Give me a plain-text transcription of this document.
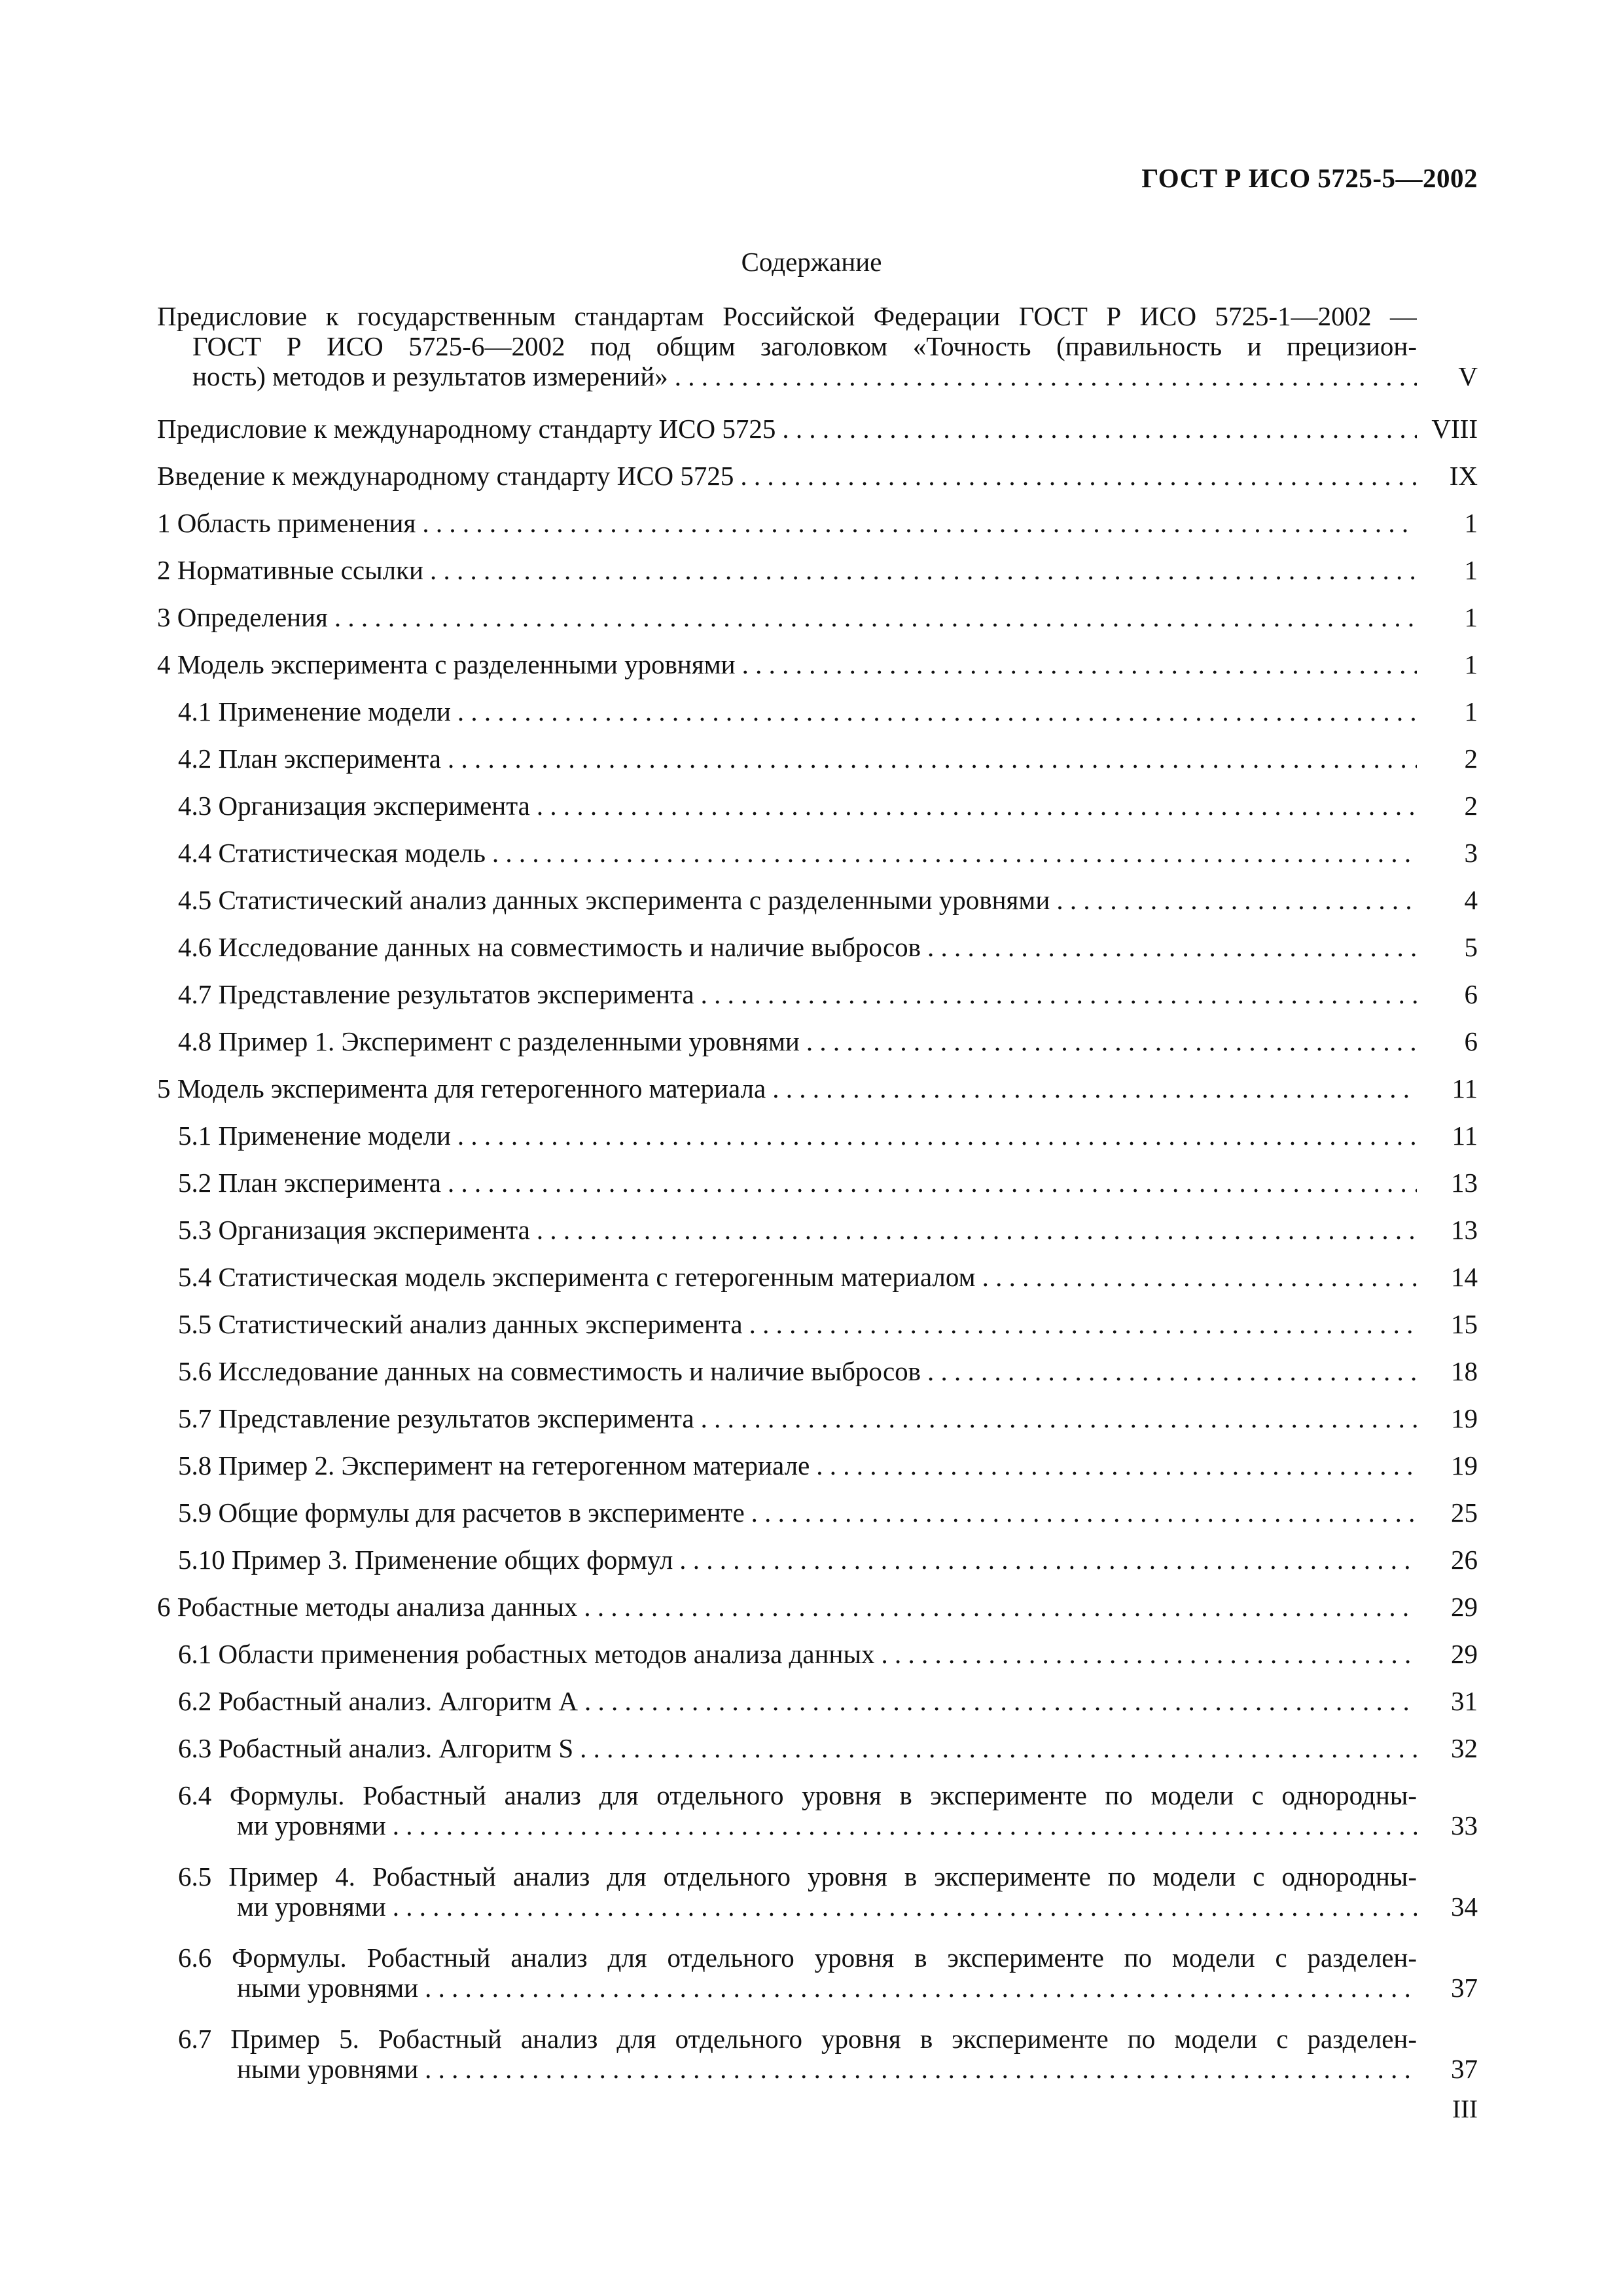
ГОСТ Р ИСО 5725-5—2002
Содержание
Предисловие к государственным стандартам Российской Федерации ГОСТ Р ИСО 5725-1—2002 —
ГОСТ Р ИСО 5725-6—2002 под общим заголовком «Точность (правильность и прецизион-
ность) методов и результатов измерений» . . .	V
Предисловие к международному стандарту ИСО 5725 . . .	VIII
Введение к международному стандарту ИСО 5725 . . .	IX
1 Область применения . . .	1
2 Нормативные ссылки . . .	1
3 Определения . . .	1
4 Модель эксперимента с разделенными уровнями . . .	1
4.1 Применение модели . . .	1
4.2 План эксперимента . . .	2
4.3 Организация эксперимента . . .	2
4.4 Статистическая модель . . .	3
4.5 Статистический анализ данных эксперимента с разделенными уровнями . . .	4
4.6 Исследование данных на совместимость и наличие выбросов . . .	5
4.7 Представление результатов эксперимента . . .	6
4.8 Пример 1. Эксперимент с разделенными уровнями . . .	6
5 Модель эксперимента для гетерогенного материала . . .	11
5.1 Применение модели . . .	11
5.2 План эксперимента . . .	13
5.3 Организация эксперимента . . .	13
5.4 Статистическая модель эксперимента с гетерогенным материалом . . .	14
5.5 Статистический анализ данных эксперимента . . .	15
5.6 Исследование данных на совместимость и наличие выбросов . . .	18
5.7 Представление результатов эксперимента . . .	19
5.8 Пример 2. Эксперимент на гетерогенном материале . . .	19
5.9 Общие формулы для расчетов в эксперименте . . .	25
5.10 Пример 3. Применение общих формул . . .	26
6 Робастные методы анализа данных . . .	29
6.1 Области применения робастных методов анализа данных . . .	29
6.2 Робастный анализ. Алгоритм А . . .	31
6.3 Робастный анализ. Алгоритм S . . .	32
6.4 Формулы. Робастный анализ для отдельного уровня в эксперименте по модели с однородны-
ми уровнями . . .	33
6.5 Пример 4. Робастный анализ для отдельного уровня в эксперименте по модели с однородны-
ми уровнями . . .	34
6.6 Формулы. Робастный анализ для отдельного уровня в эксперименте по модели с разделен-
ными уровнями . . .	37
6.7 Пример 5. Робастный анализ для отдельного уровня в эксперименте по модели с разделен-
ными уровнями . . .	37
III
